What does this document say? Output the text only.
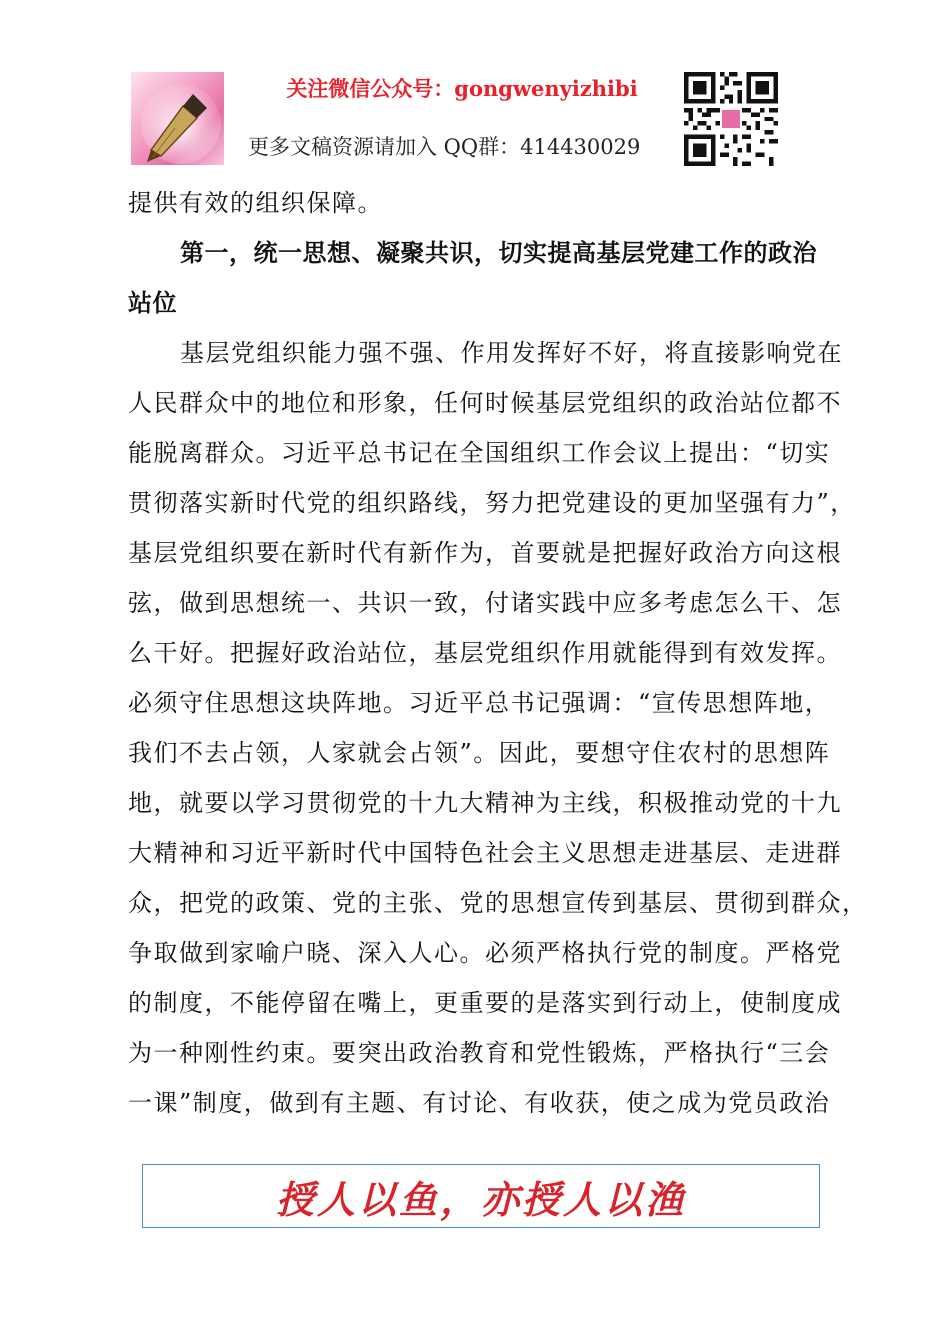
关注微信公众号：gongwenyizhibi
更多文稿资源请加入 QQ群：414430029
提供有效的组织保障。
第一，统一思想、凝聚共识，切实提高基层党建工作的政治
站位
基层党组织能力强不强、作用发挥好不好，将直接影响党在
人民群众中的地位和形象，任何时候基层党组织的政治站位都不
能脱离群众。习近平总书记在全国组织工作会议上提出：“切实
贯彻落实新时代党的组织路线，努力把党建设的更加坚强有力”，
基层党组织要在新时代有新作为，首要就是把握好政治方向这根
弦，做到思想统一、共识一致，付诸实践中应多考虑怎么干、怎
么干好。把握好政治站位，基层党组织作用就能得到有效发挥。
必须守住思想这块阵地。习近平总书记强调：“宣传思想阵地，
我们不去占领，人家就会占领”。因此，要想守住农村的思想阵
地，就要以学习贯彻党的十九大精神为主线，积极推动党的十九
大精神和习近平新时代中国特色社会主义思想走进基层、走进群
众，把党的政策、党的主张、党的思想宣传到基层、贯彻到群众，
争取做到家喻户晓、深入人心。必须严格执行党的制度。严格党
的制度，不能停留在嘴上，更重要的是落实到行动上，使制度成
为一种刚性约束。要突出政治教育和党性锻炼，严格执行“三会
一课”制度，做到有主题、有讨论、有收获，使之成为党员政治
授人以鱼，亦授人以渔
